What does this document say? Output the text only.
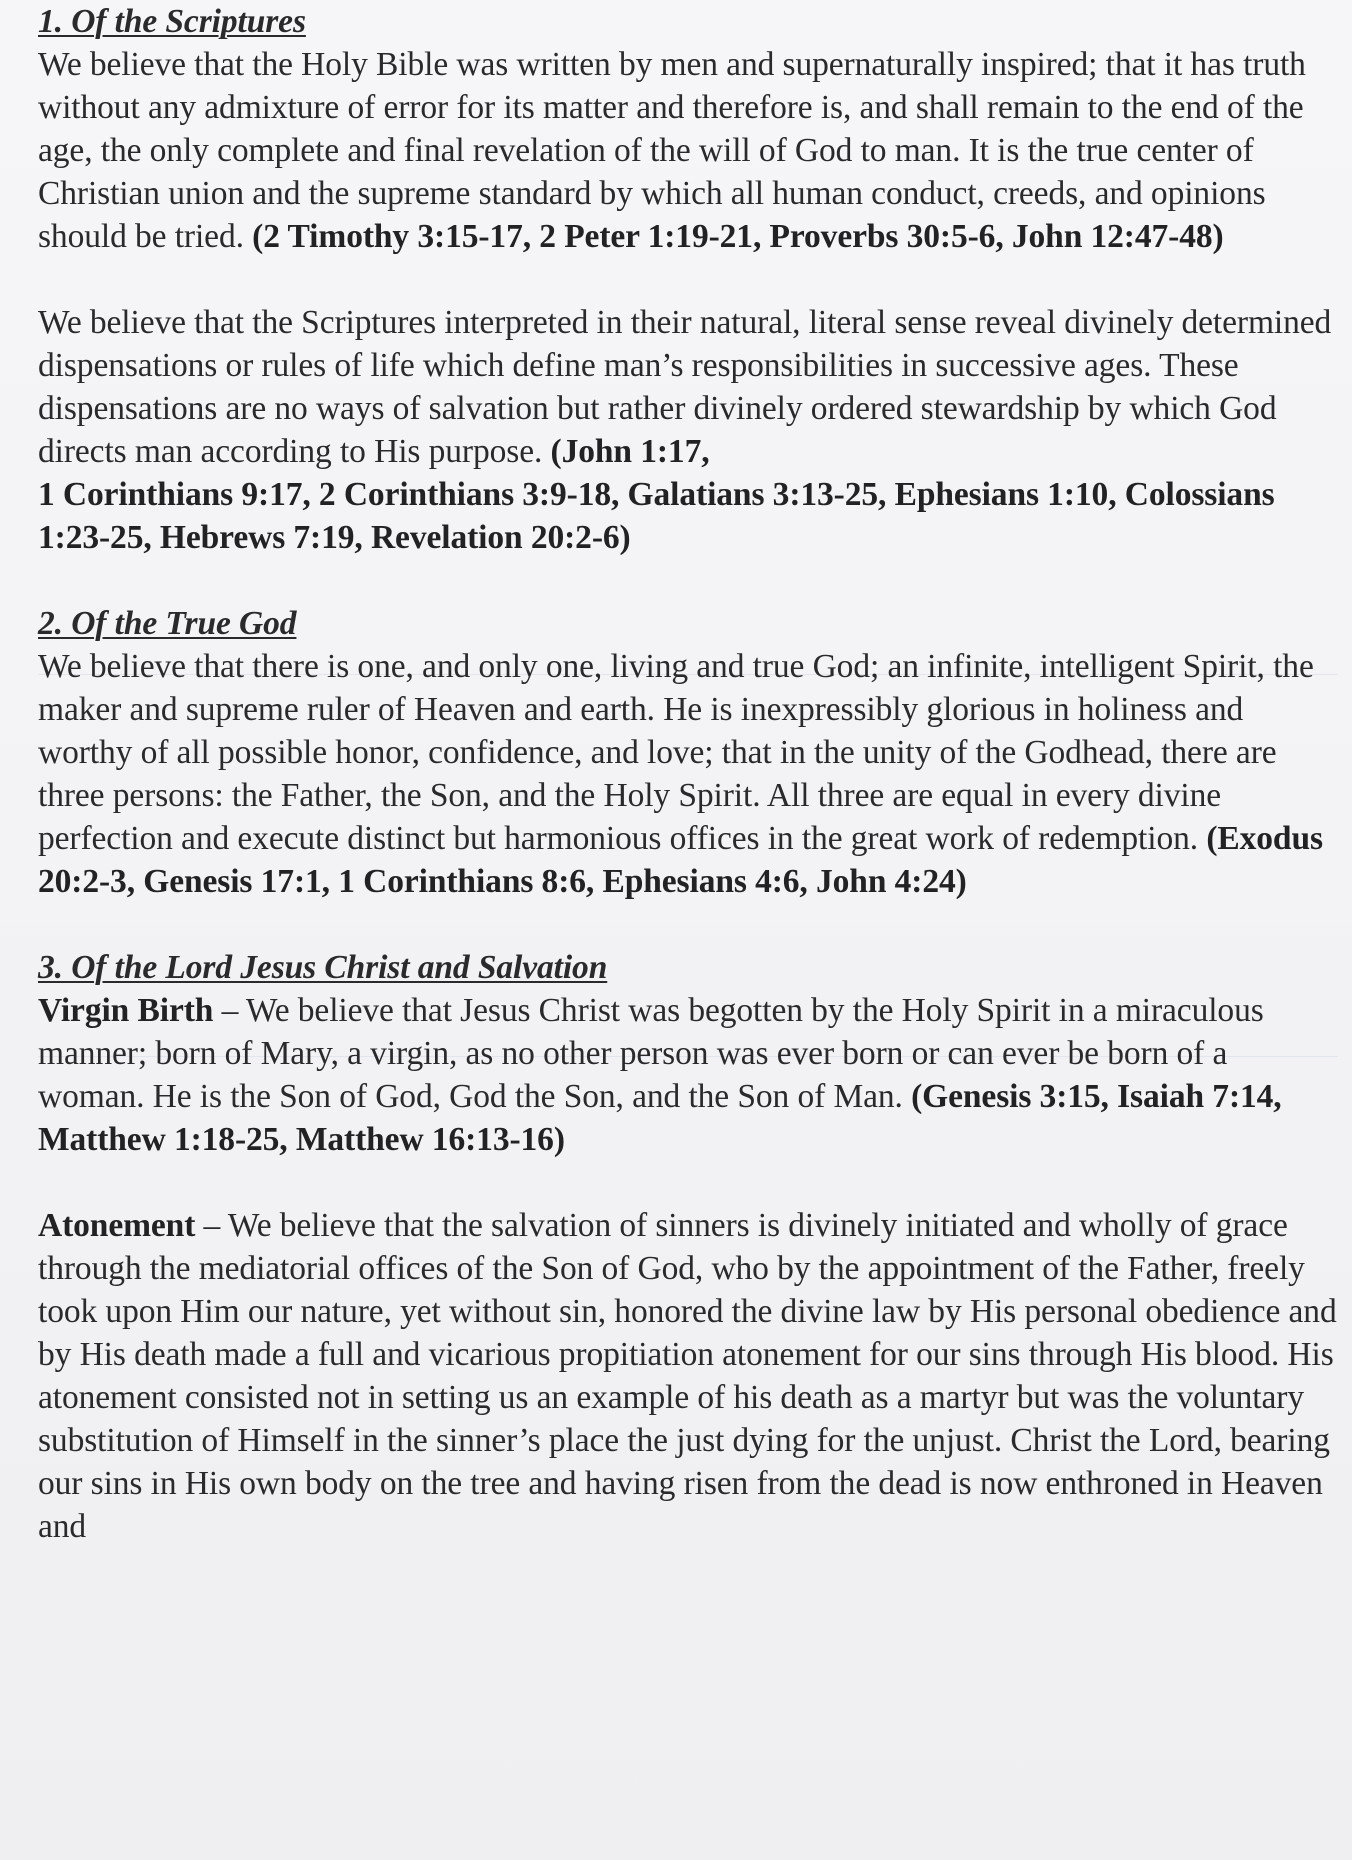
1. Of the Scriptures

We believe that the Holy Bible was written by men and supernaturally inspired; that it has truth without any admixture of error for its matter and therefore is, and shall remain to the end of the age, the only complete and final revelation of the will of God to man. It is the true center of Christian union and the supreme standard by which all human conduct, creeds, and opinions should be tried. (2 Timothy 3:15-17, 2 Peter 1:19-21, Proverbs 30:5-6, John 12:47-48)

We believe that the Scriptures interpreted in their natural, literal sense reveal divinely determined dispensations or rules of life which define man’s responsibilities in successive ages. These dispensations are no ways of salvation but rather divinely ordered stewardship by which God directs man according to His purpose. (John 1:17,
1 Corinthians 9:17, 2 Corinthians 3:9-18, Galatians 3:13-25, Ephesians 1:10, Colossians 1:23-25, Hebrews 7:19, Revelation 20:2-6)

2. Of the True God

We believe that there is one, and only one, living and true God; an infinite, intelligent Spirit, the maker and supreme ruler of Heaven and earth. He is inexpressibly glorious in holiness and worthy of all possible honor, confidence, and love; that in the unity of the Godhead, there are three persons: the Father, the Son, and the Holy Spirit. All three are equal in every divine perfection and execute distinct but harmonious offices in the great work of redemption. (Exodus 20:2-3, Genesis 17:1, 1 Corinthians 8:6, Ephesians 4:6, John 4:24)

3. Of the Lord Jesus Christ and Salvation

Virgin Birth – We believe that Jesus Christ was begotten by the Holy Spirit in a miraculous manner; born of Mary, a virgin, as no other person was ever born or can ever be born of a woman. He is the Son of God, God the Son, and the Son of Man. (Genesis 3:15, Isaiah 7:14, Matthew 1:18-25, Matthew 16:13-16)

Atonement – We believe that the salvation of sinners is divinely initiated and wholly of grace through the mediatorial offices of the Son of God, who by the appointment of the Father, freely took upon Him our nature, yet without sin, honored the divine law by His personal obedience and by His death made a full and vicarious propitiation atonement for our sins through His blood. His atonement consisted not in setting us an example of his death as a martyr but was the voluntary substitution of Himself in the sinner’s place the just dying for the unjust. Christ the Lord, bearing our sins in His own body on the tree and having risen from the dead is now enthroned in Heaven and
